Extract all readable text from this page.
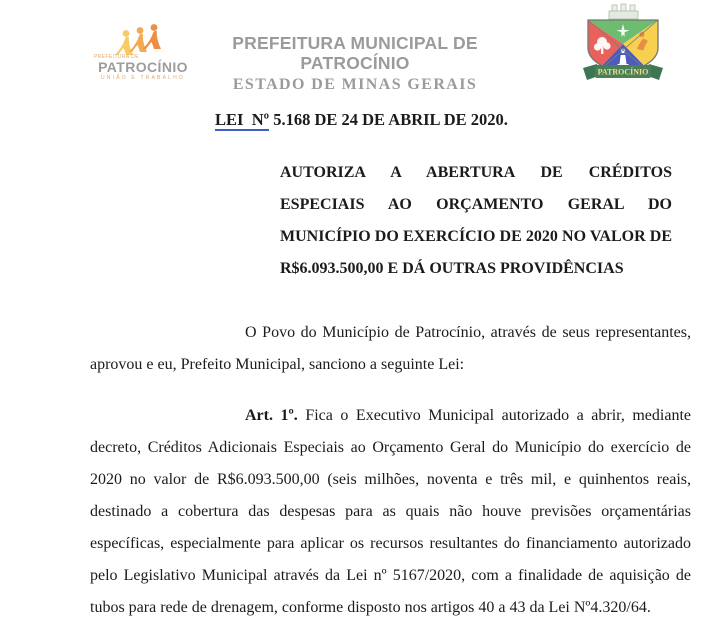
PREFEITURA DE
PATROCÍNIO
UNIÃO E TRABALHO
PREFEITURA MUNICIPAL DE PATROCÍNIO
ESTADO DE MINAS GERAIS
PATROCÍNIO
LEI  Nº 5.168 DE 24 DE ABRIL DE 2020.
AUTORIZA A ABERTURA DE CRÉDITOS ESPECIAIS AO ORÇAMENTO GERAL DO MUNICÍPIO DO EXERCÍCIO DE 2020 NO VALOR DE R$6.093.500,00 E DÁ OUTRAS PROVIDÊNCIAS
O Povo do Município de Patrocínio, através de seus representantes, aprovou e eu, Prefeito Municipal, sanciono a seguinte Lei:
Art. 1º. Fica o Executivo Municipal autorizado a abrir, mediante decreto, Créditos Adicionais Especiais ao Orçamento Geral do Município do exercício de 2020 no valor de R$6.093.500,00 (seis milhões, noventa e três mil, e quinhentos reais, destinado a cobertura das despesas para as quais não houve previsões orçamentárias específicas, especialmente para aplicar os recursos resultantes do financiamento autorizado pelo Legislativo Municipal através da Lei nº 5167/2020, com a finalidade de aquisição de tubos para rede de drenagem, conforme disposto nos artigos 40 a 43 da Lei Nº4.320/64.
